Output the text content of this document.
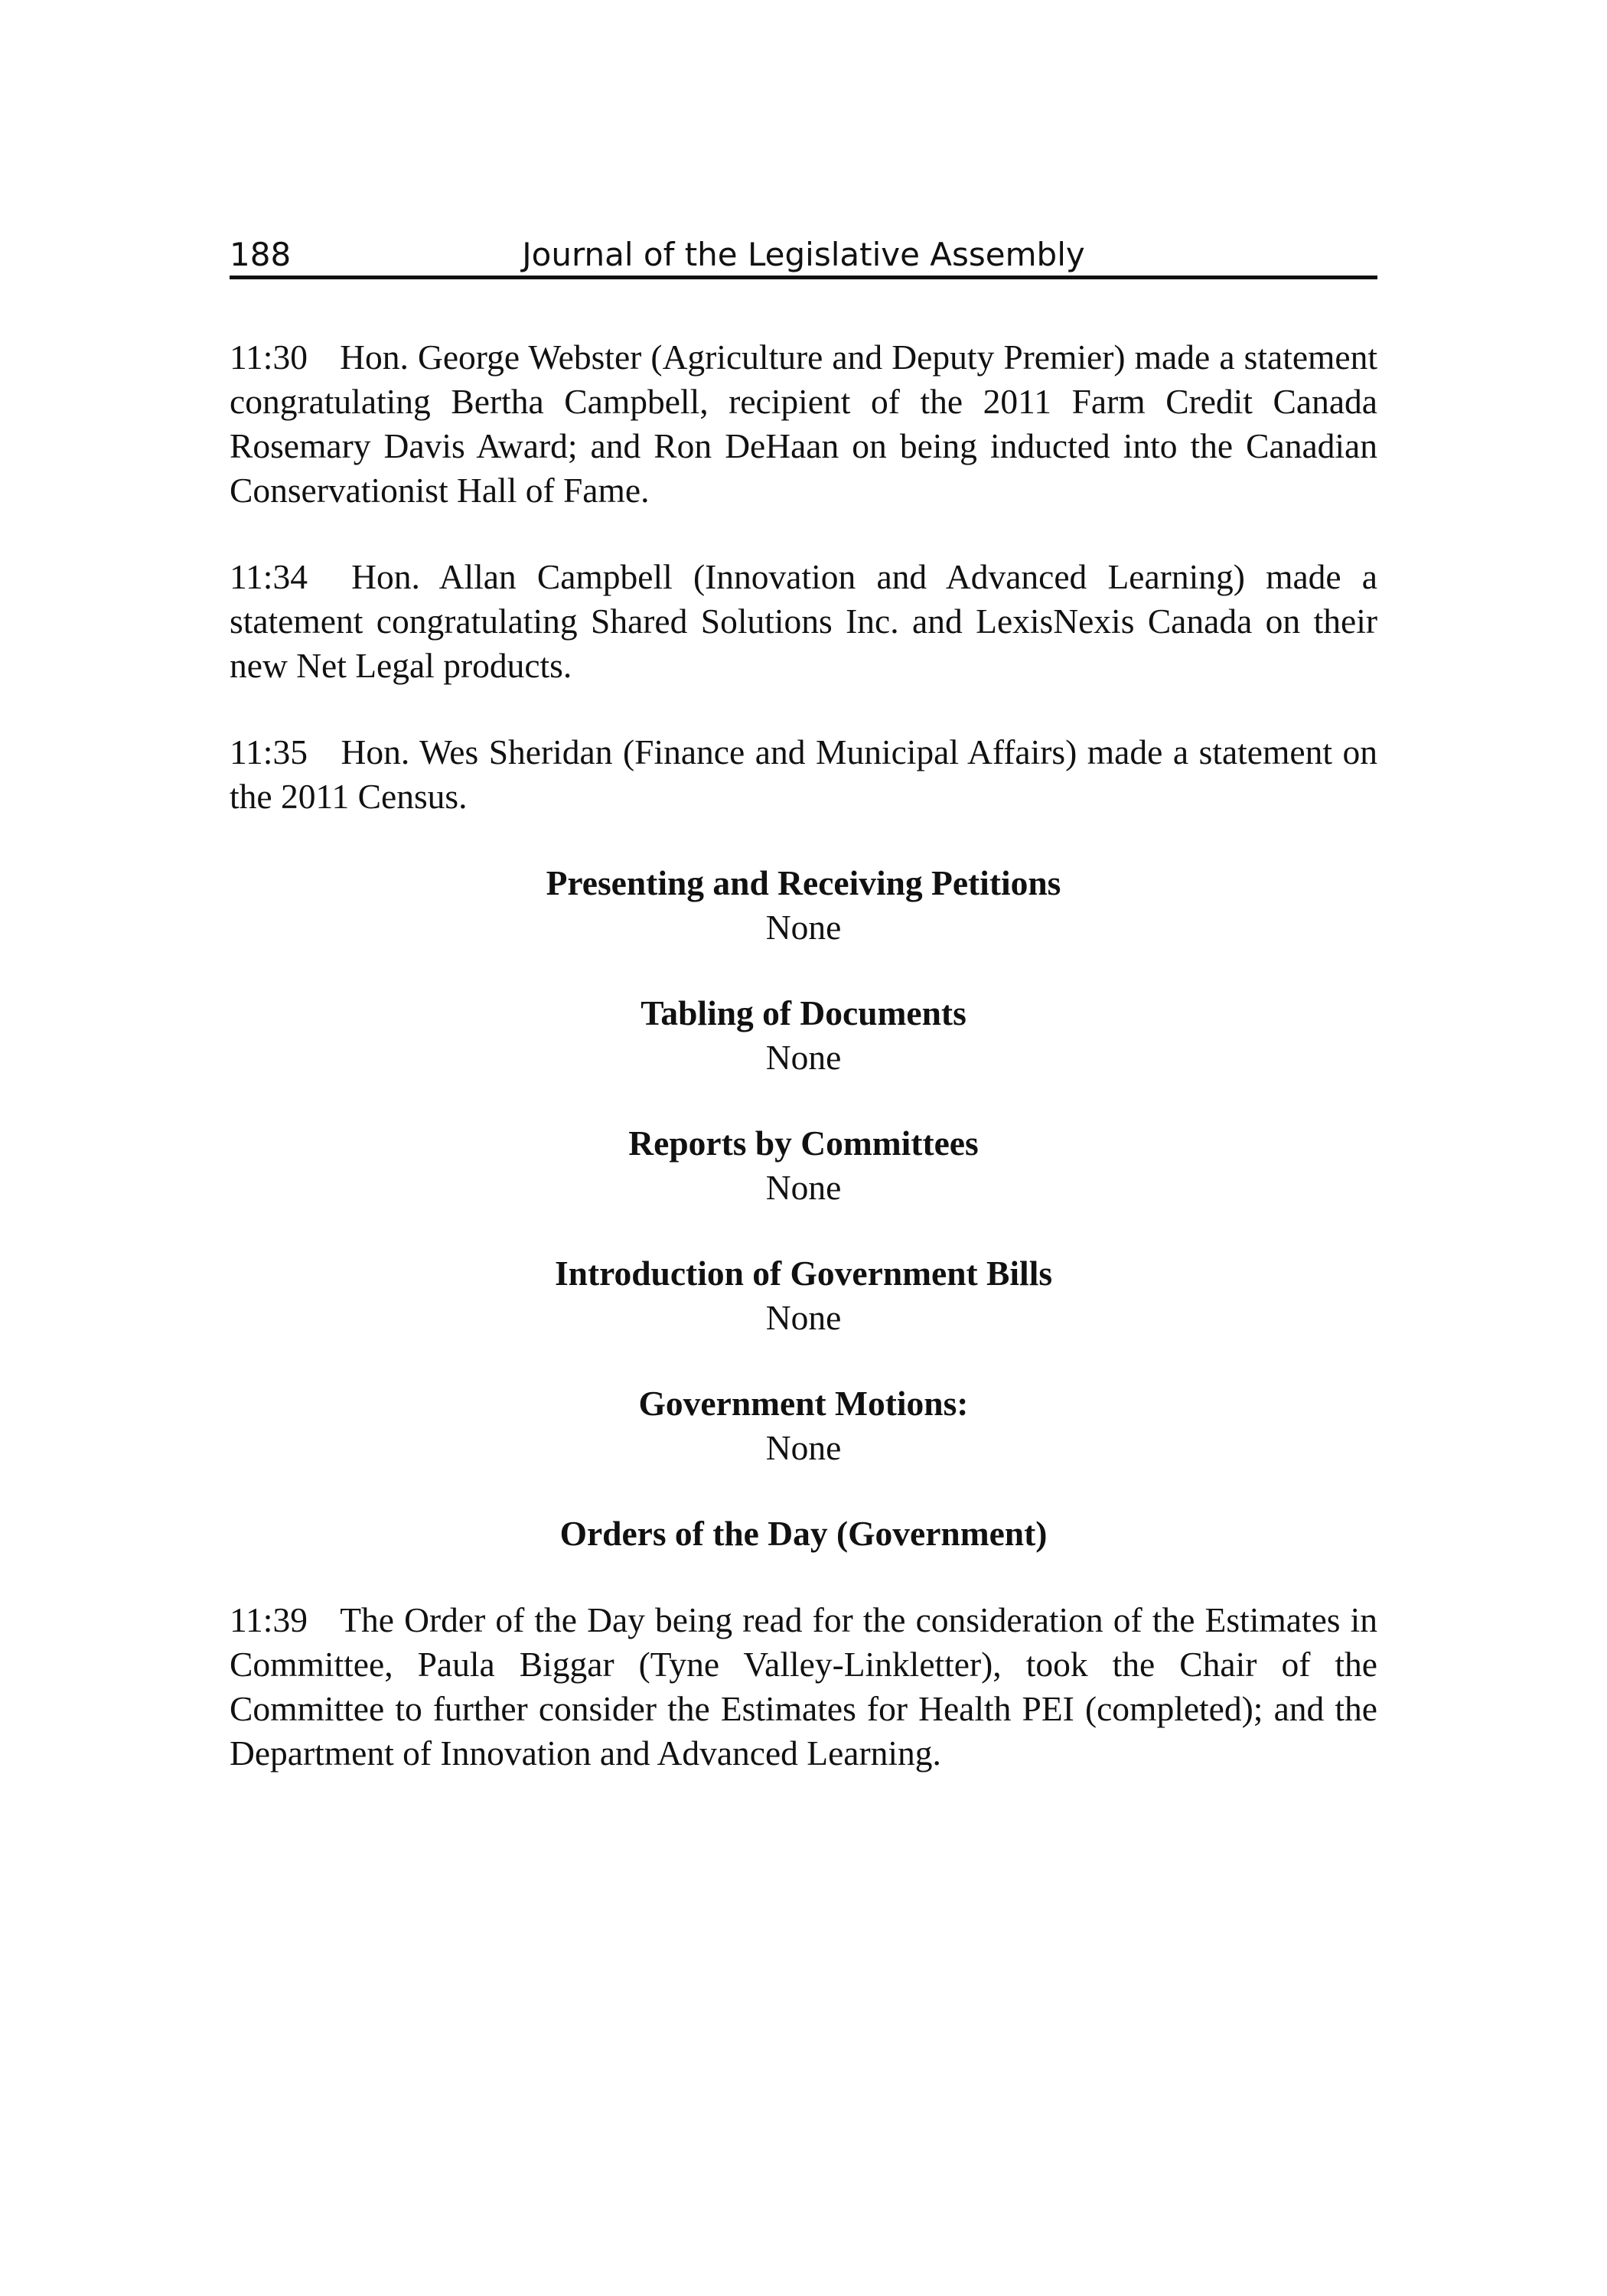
188	Journal of the Legislative Assembly

11:30 Hon. George Webster (Agriculture and Deputy Premier) made a statement congratulating Bertha Campbell, recipient of the 2011 Farm Credit Canada Rosemary Davis Award; and Ron DeHaan on being inducted into the Canadian Conservationist Hall of Fame.

11:34 Hon. Allan Campbell (Innovation and Advanced Learning) made a statement congratulating Shared Solutions Inc. and LexisNexis Canada on their new Net Legal products.

11:35 Hon. Wes Sheridan (Finance and Municipal Affairs) made a statement on the 2011 Census.

Presenting and Receiving Petitions
None
Tabling of Documents
None
Reports by Committees
None
Introduction of Government Bills
None
Government Motions:
None
Orders of the Day (Government)

11:39 The Order of the Day being read for the consideration of the Estimates in Committee, Paula Biggar (Tyne Valley-Linkletter), took the Chair of the Committee to further consider the Estimates for Health PEI (completed); and the Department of Innovation and Advanced Learning.
